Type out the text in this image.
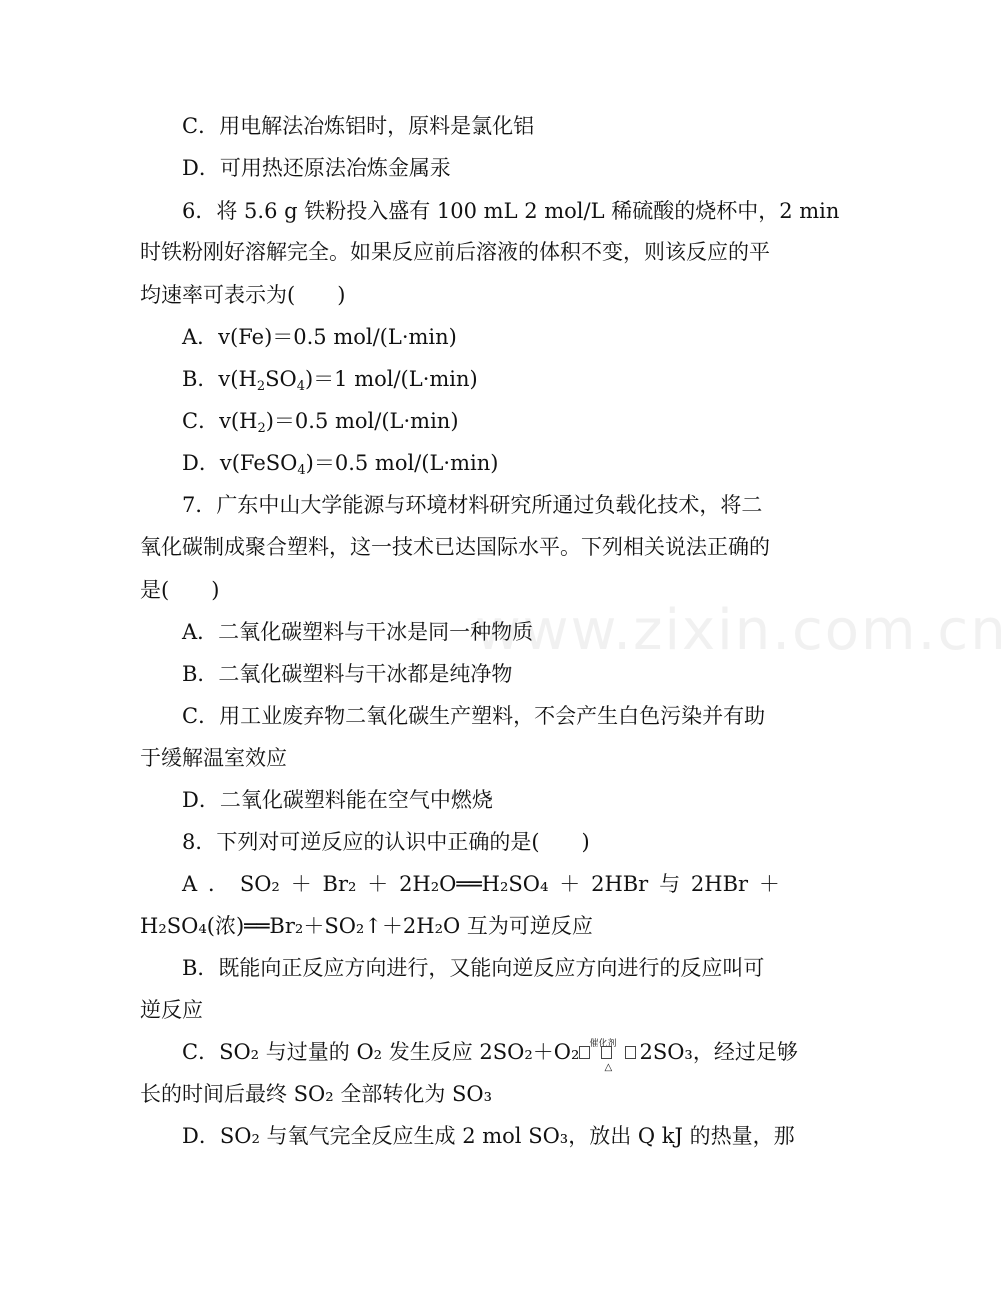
C．用电解法冶炼铝时，原料是氯化铝
D．可用热还原法冶炼金属汞
6．将 5.6 g 铁粉投入盛有 100 mL 2 mol/L 稀硫酸的烧杯中，2 min
时铁粉刚好溶解完全。如果反应前后溶液的体积不变，则该反应的平
均速率可表示为(　　)
A．v(Fe)＝0.5 mol/(L·min)
B．$v(H_2SO_4)=1$ mol/(L·min)
C．$v(H_2)=0.5$ mol/(L·min)
D．v(FeSO$_4$)＝0.5 mol/(L·min)
7．广东中山大学能源与环境材料研究所通过负载化技术，将二
氧化碳制成聚合塑料，这一技术已达国际水平。下列相关说法正确的
是(　　)
A．二氧化碳塑料与干冰是同一种物质
B．二氧化碳塑料与干冰都是纯净物
C．用工业废弃物二氧化碳生产塑料，不会产生白色污染并有助
于缓解温室效应
D．二氧化碳塑料能在空气中燃烧
8．下列对可逆反应的认识中正确的是(　　)
A ． SO₂ ＋ Br₂ ＋ 2H₂O══H₂SO₄ ＋ 2HBr 与 2HBr ＋
H₂SO₄(浓)══Br₂＋SO₂↑＋2H₂O 互为可逆反应
B．既能向正反应方向进行，又能向逆反应方向进行的反应叫可
逆反应
C．SO₂ 与过量的 O₂ 发生反应 2SO₂＋O₂ 催化剂
△
2SO₃，经过足够
长的时间后最终 SO₂ 全部转化为 SO₃
D．SO₂ 与氧气完全反应生成 2 mol SO₃，放出 Q kJ 的热量，那
www.zixin.com.cn
